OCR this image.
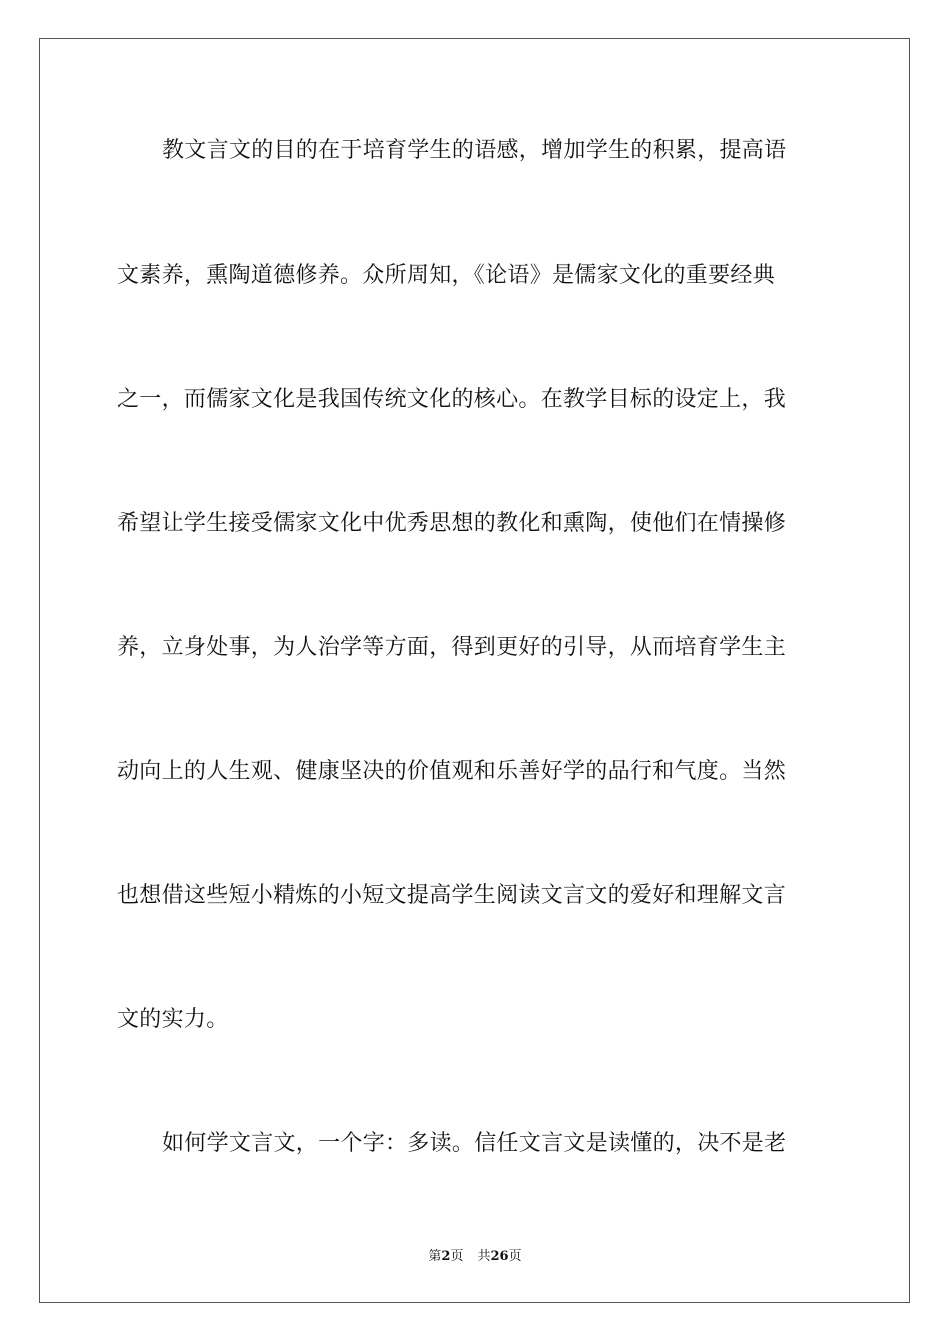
教文言文的目的在于培育学生的语感，增加学生的积累，提高语
文素养，熏陶道德修养。众所周知，《论语》是儒家文化的重要经典
之一，而儒家文化是我国传统文化的核心。在教学目标的设定上，我
希望让学生接受儒家文化中优秀思想的教化和熏陶，使他们在情操修
养，立身处事，为人治学等方面，得到更好的引导，从而培育学生主
动向上的人生观、健康坚决的价值观和乐善好学的品行和气度。当然
也想借这些短小精炼的小短文提高学生阅读文言文的爱好和理解文言
文的实力。
如何学文言文，一个字：多读。信任文言文是读懂的，决不是老
第2页 共26页
